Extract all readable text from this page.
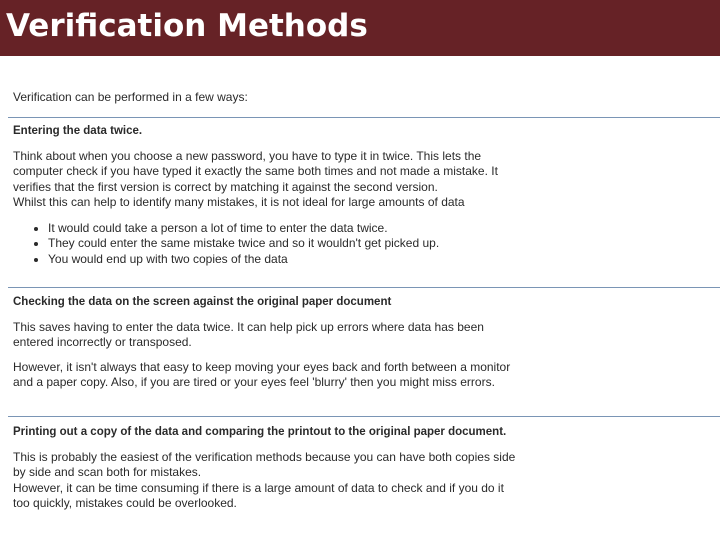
Verification Methods
Verification can be performed in a few ways:
Entering the data twice.
Think about when you choose a new password, you have to type it in twice. This lets the
computer check if you have typed it exactly the same both times and not made a mistake. It
verifies that the first version is correct by matching it against the second version.
Whilst this can help to identify many mistakes, it is not ideal for large amounts of data
It would could take a person a lot of time to enter the data twice.
They could enter the same mistake twice and so it wouldn't get picked up.
You would end up with two copies of the data
Checking the data on the screen against the original paper document
This saves having to enter the data twice. It can help pick up errors where data has been
entered incorrectly or transposed.
However, it isn't always that easy to keep moving your eyes back and forth between a monitor
and a paper copy. Also, if you are tired or your eyes feel 'blurry' then you might miss errors.
Printing out a copy of the data and comparing the printout to the original paper document.
This is probably the easiest of the verification methods because you can have both copies side
by side and scan both for mistakes.
However, it can be time consuming if there is a large amount of data to check and if you do it
too quickly, mistakes could be overlooked.
